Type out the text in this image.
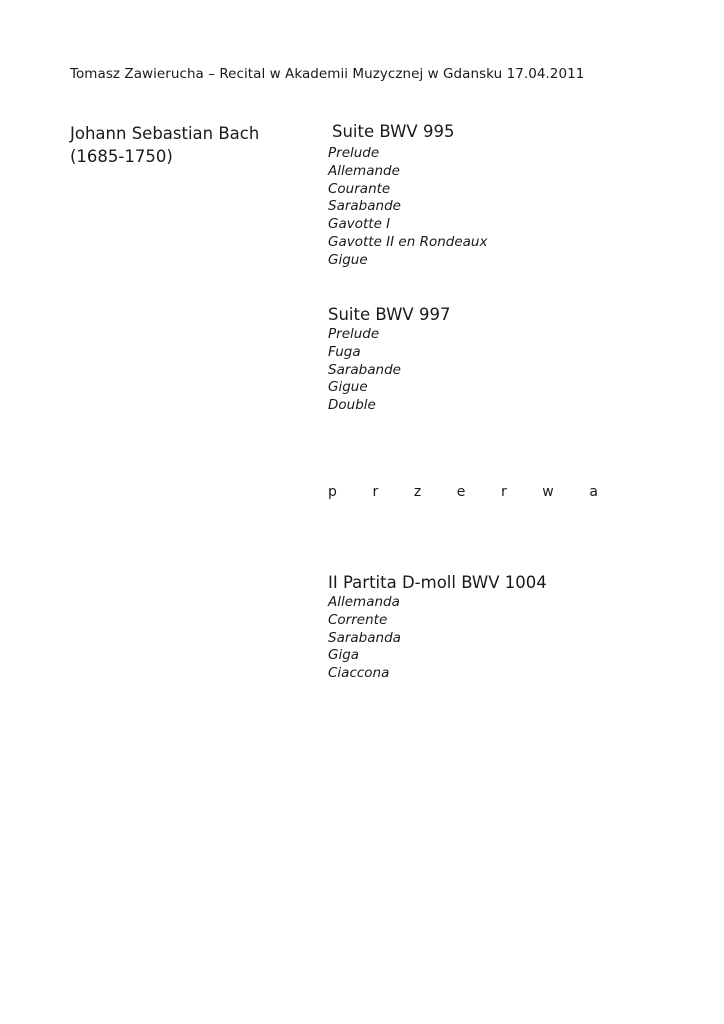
Tomasz Zawierucha – Recital w Akademii Muzycznej w Gdansku 17.04.2011
Johann Sebastian Bach
(1685-1750)
Suite BWV 995
Prelude
Allemande
Courante
Sarabande
Gavotte I
Gavotte II en Rondeaux
Gigue
Suite BWV 997
Prelude
Fuga
Sarabande
Gigue
Double
p	r	z	e	r	w	a
II Partita D-moll BWV 1004
Allemanda
Corrente
Sarabanda
Giga
Ciaccona
